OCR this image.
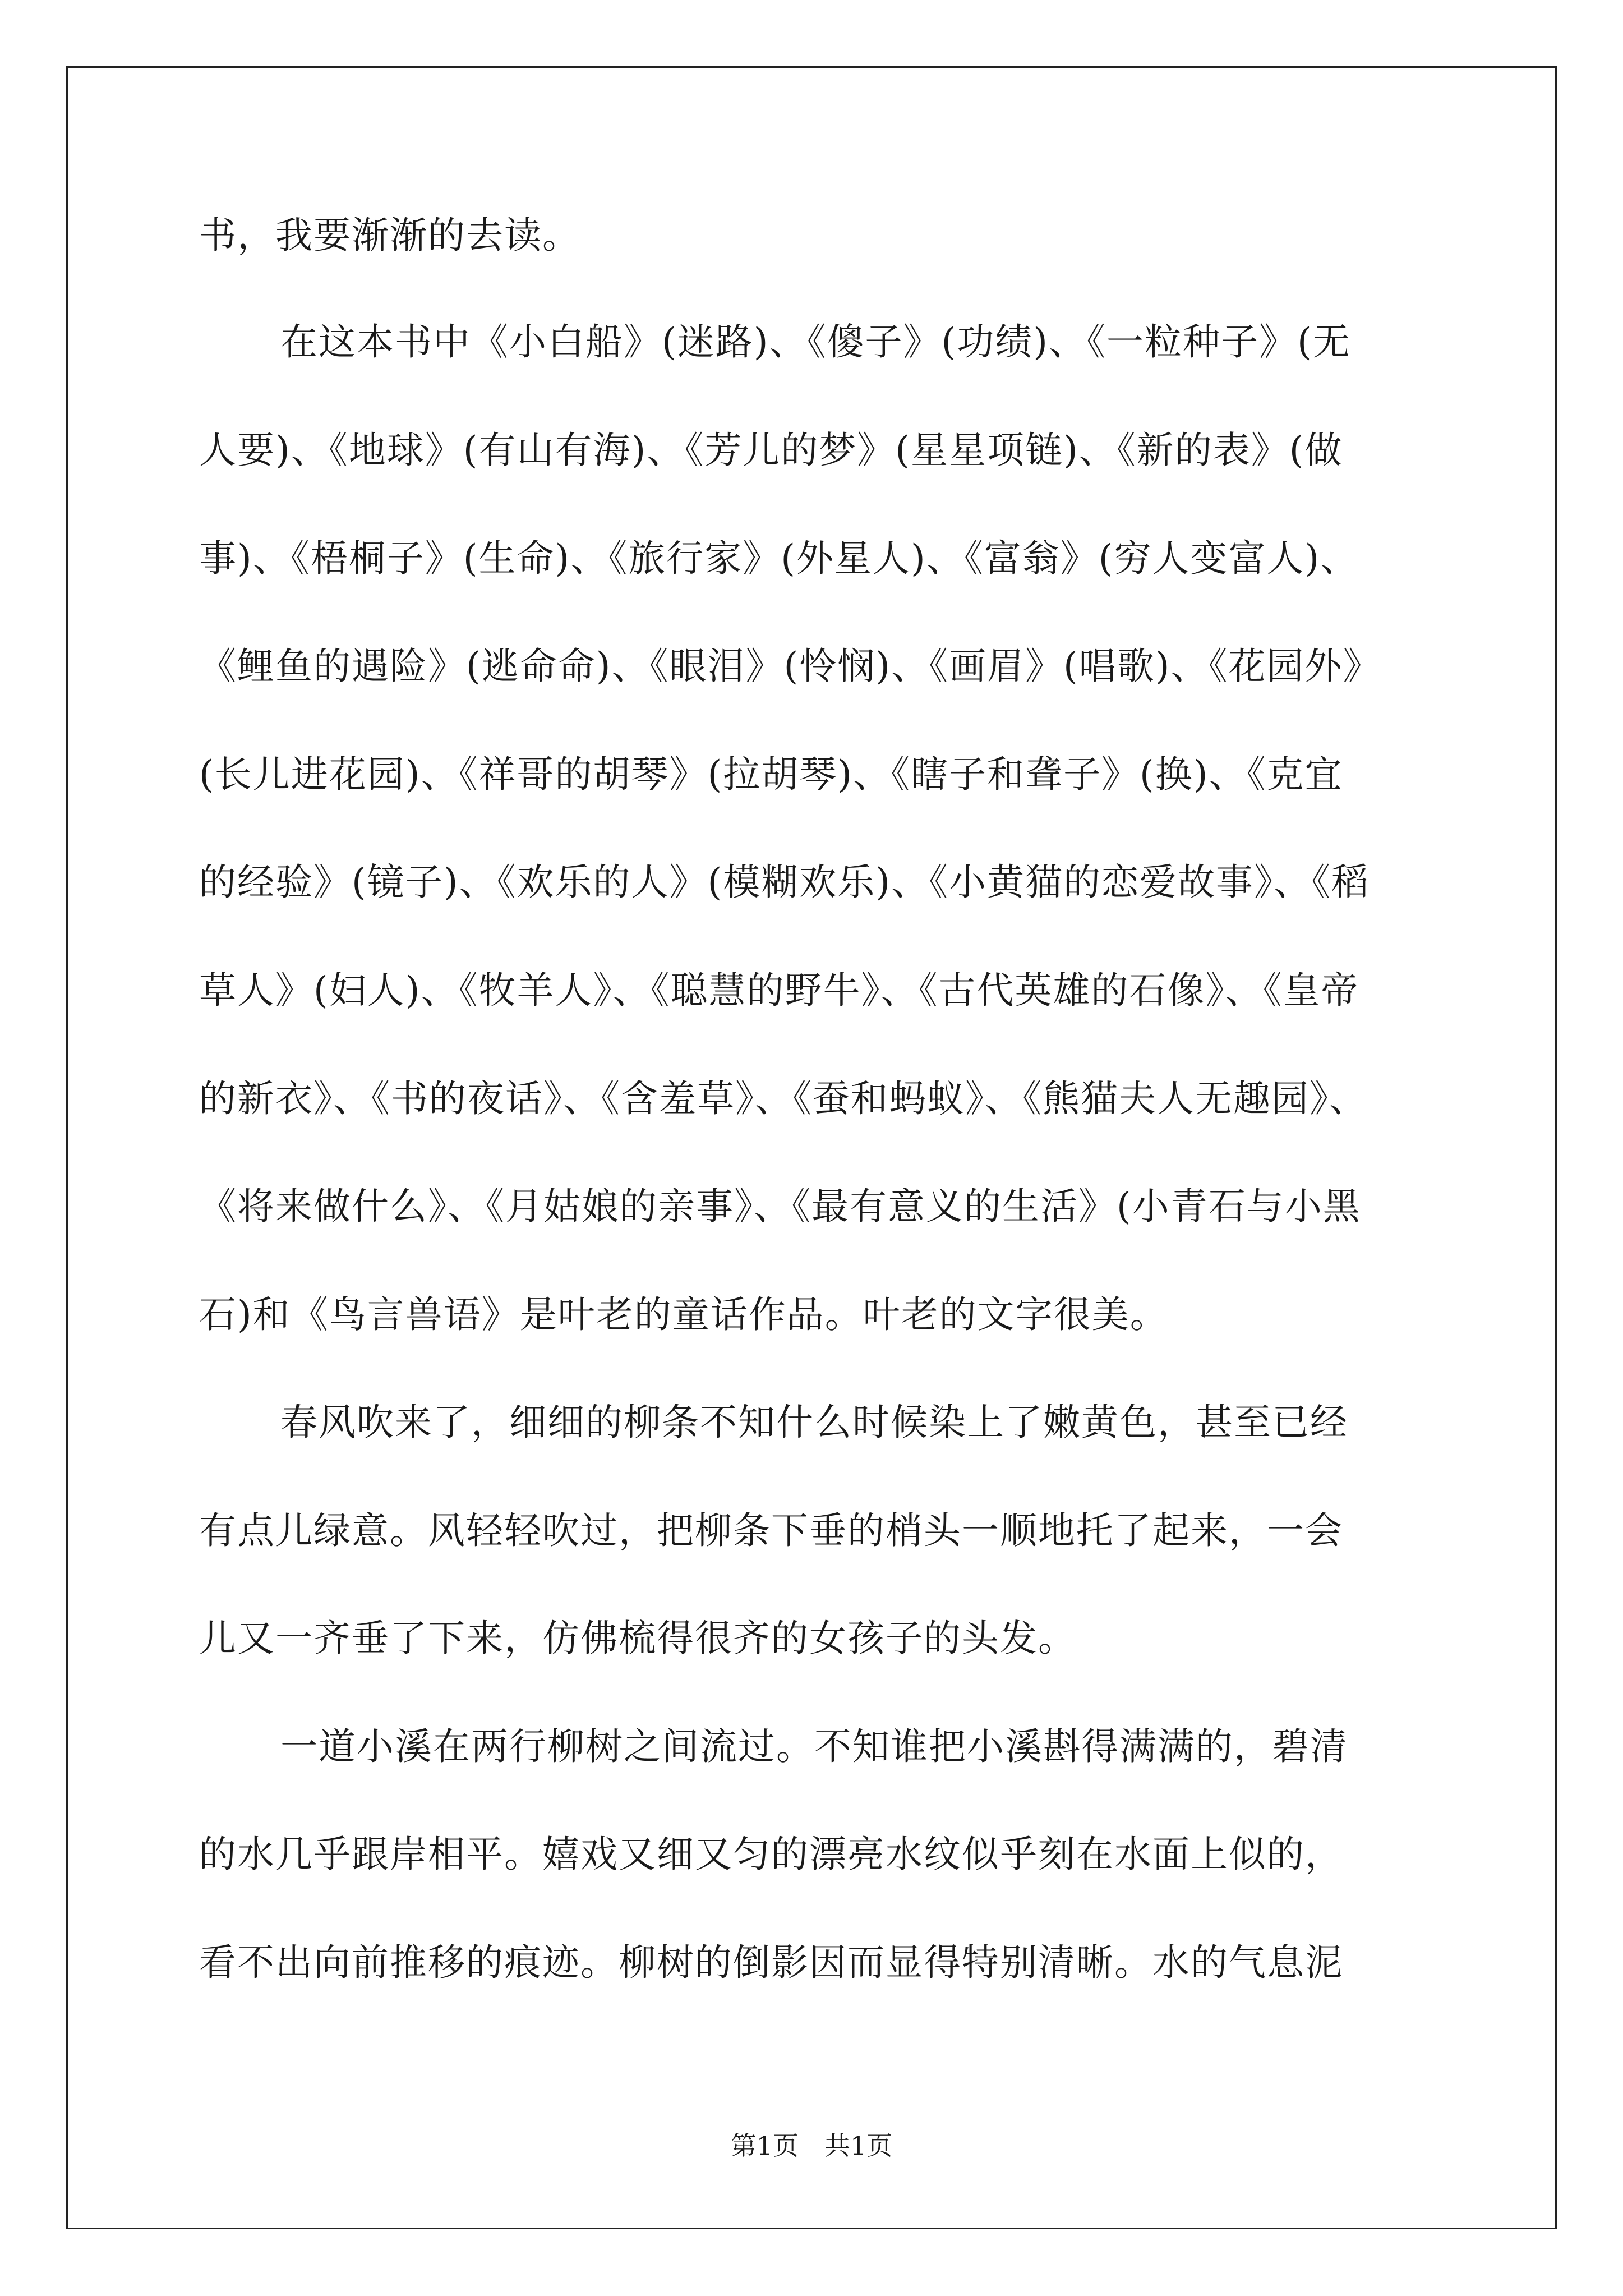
书，我要渐渐的去读。
在这本书中《小白船》(迷路)、《傻子》(功绩)、《一粒种子》(无
人要)、《地球》(有山有海)、《芳儿的梦》(星星项链)、《新的表》(做
事)、《梧桐子》(生命)、《旅行家》(外星人)、《富翁》(穷人变富人)、
《鲤鱼的遇险》(逃命命)、《眼泪》(怜悯)、《画眉》(唱歌)、《花园外》
(长儿进花园)、《祥哥的胡琴》(拉胡琴)、《瞎子和聋子》(换)、《克宜
的经验》(镜子)、《欢乐的人》(模糊欢乐)、《小黄猫的恋爱故事》、《稻
草人》(妇人)、《牧羊人》、《聪慧的野牛》、《古代英雄的石像》、《皇帝
的新衣》、《书的夜话》、《含羞草》、《蚕和蚂蚁》、《熊猫夫人无趣园》、
《将来做什么》、《月姑娘的亲事》、《最有意义的生活》(小青石与小黑
石)和《鸟言兽语》是叶老的童话作品。叶老的文字很美。
春风吹来了，细细的柳条不知什么时候染上了嫩黄色，甚至已经
有点儿绿意。风轻轻吹过，把柳条下垂的梢头一顺地托了起来，一会
儿又一齐垂了下来，仿佛梳得很齐的女孩子的头发。
一道小溪在两行柳树之间流过。不知谁把小溪斟得满满的，碧清
的水几乎跟岸相平。嬉戏又细又匀的漂亮水纹似乎刻在水面上似的，
看不出向前推移的痕迹。柳树的倒影因而显得特别清晰。水的气息泥
第1页　共1页
